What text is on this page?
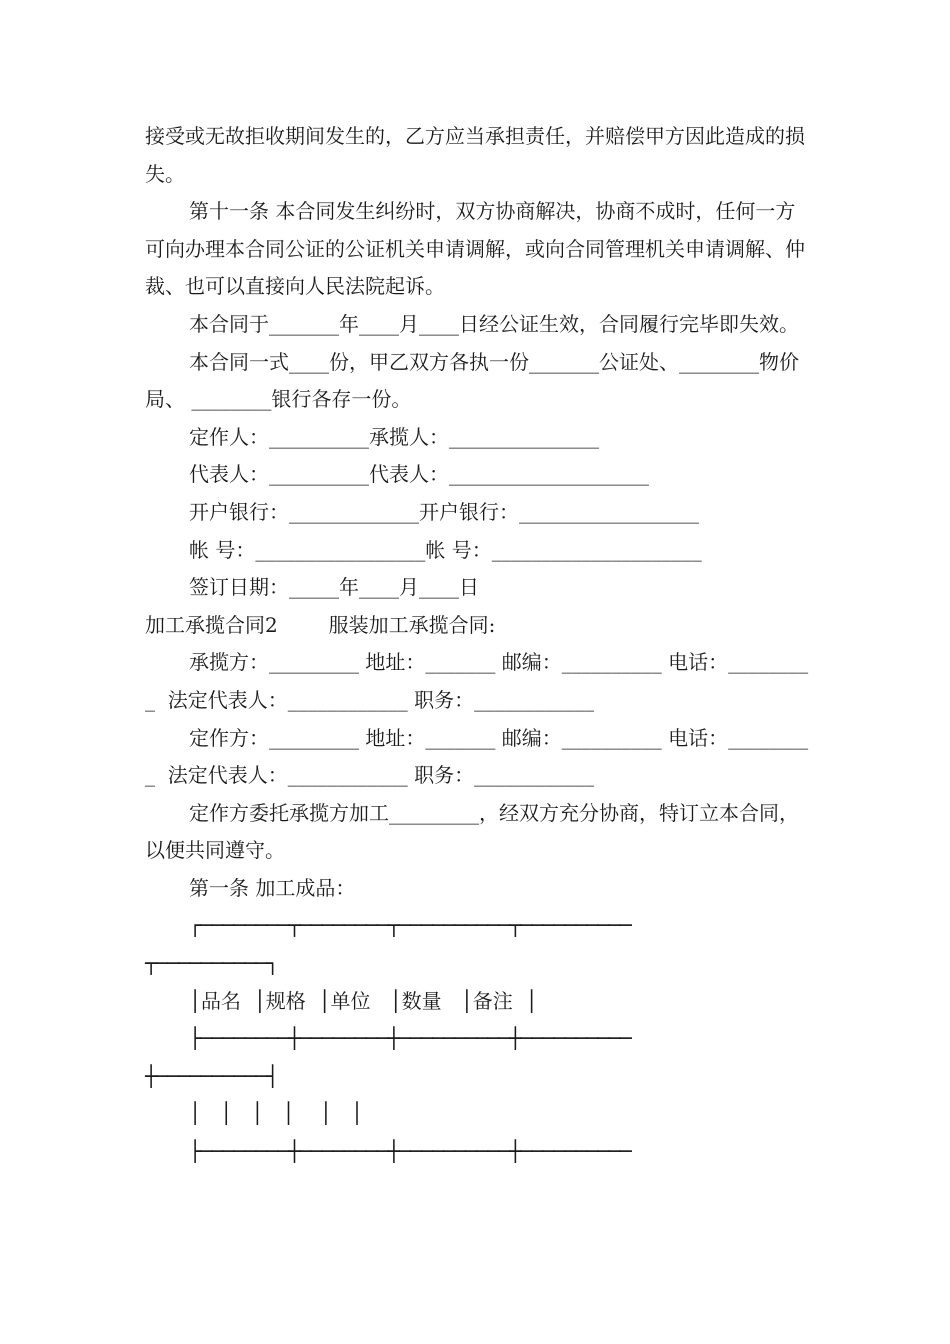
接受或无故拒收期间发生的，乙方应当承担责任，并赔偿甲方因此造成的损失。

第十一条 本合同发生纠纷时，双方协商解决，协商不成时，任何一方可向办理本合同公证的公证机关申请调解，或向合同管理机关申请调解、仲裁、也可以直接向人民法院起诉。

本合同于_______年____月____日经公证生效，合同履行完毕即失效。

本合同一式____份，甲乙双方各执一份_______公证处、________物价局、 ________银行各存一份。

定作人：__________承揽人：_______________

代表人：__________代表人：____________________

开户银行：_____________开户银行：__________________

帐 号：_________________帐 号：_____________________

签订日期：_____年____月____日

加工承揽合同2        服装加工承揽合同:

承揽方：_________ 地址：_______ 邮编：__________ 电话：_________  法定代表人：____________ 职务：____________

定作方：_________ 地址：_______ 邮编：__________ 电话：_________  法定代表人：____________ 职务：____________

定作方委托承揽方加工_________，经双方充分协商，特订立本合同，以便共同遵守。

第一条 加工成品：

┌────────┬────────┬──────────┬──────────

┬──────────┐

│品名  │规格  │单位   │数量   │备注  │

├────────┼────────┼──────────┼──────────

┼──────────┤

│   │   │   │    │   │

├────────┼────────┼──────────┼──────────
